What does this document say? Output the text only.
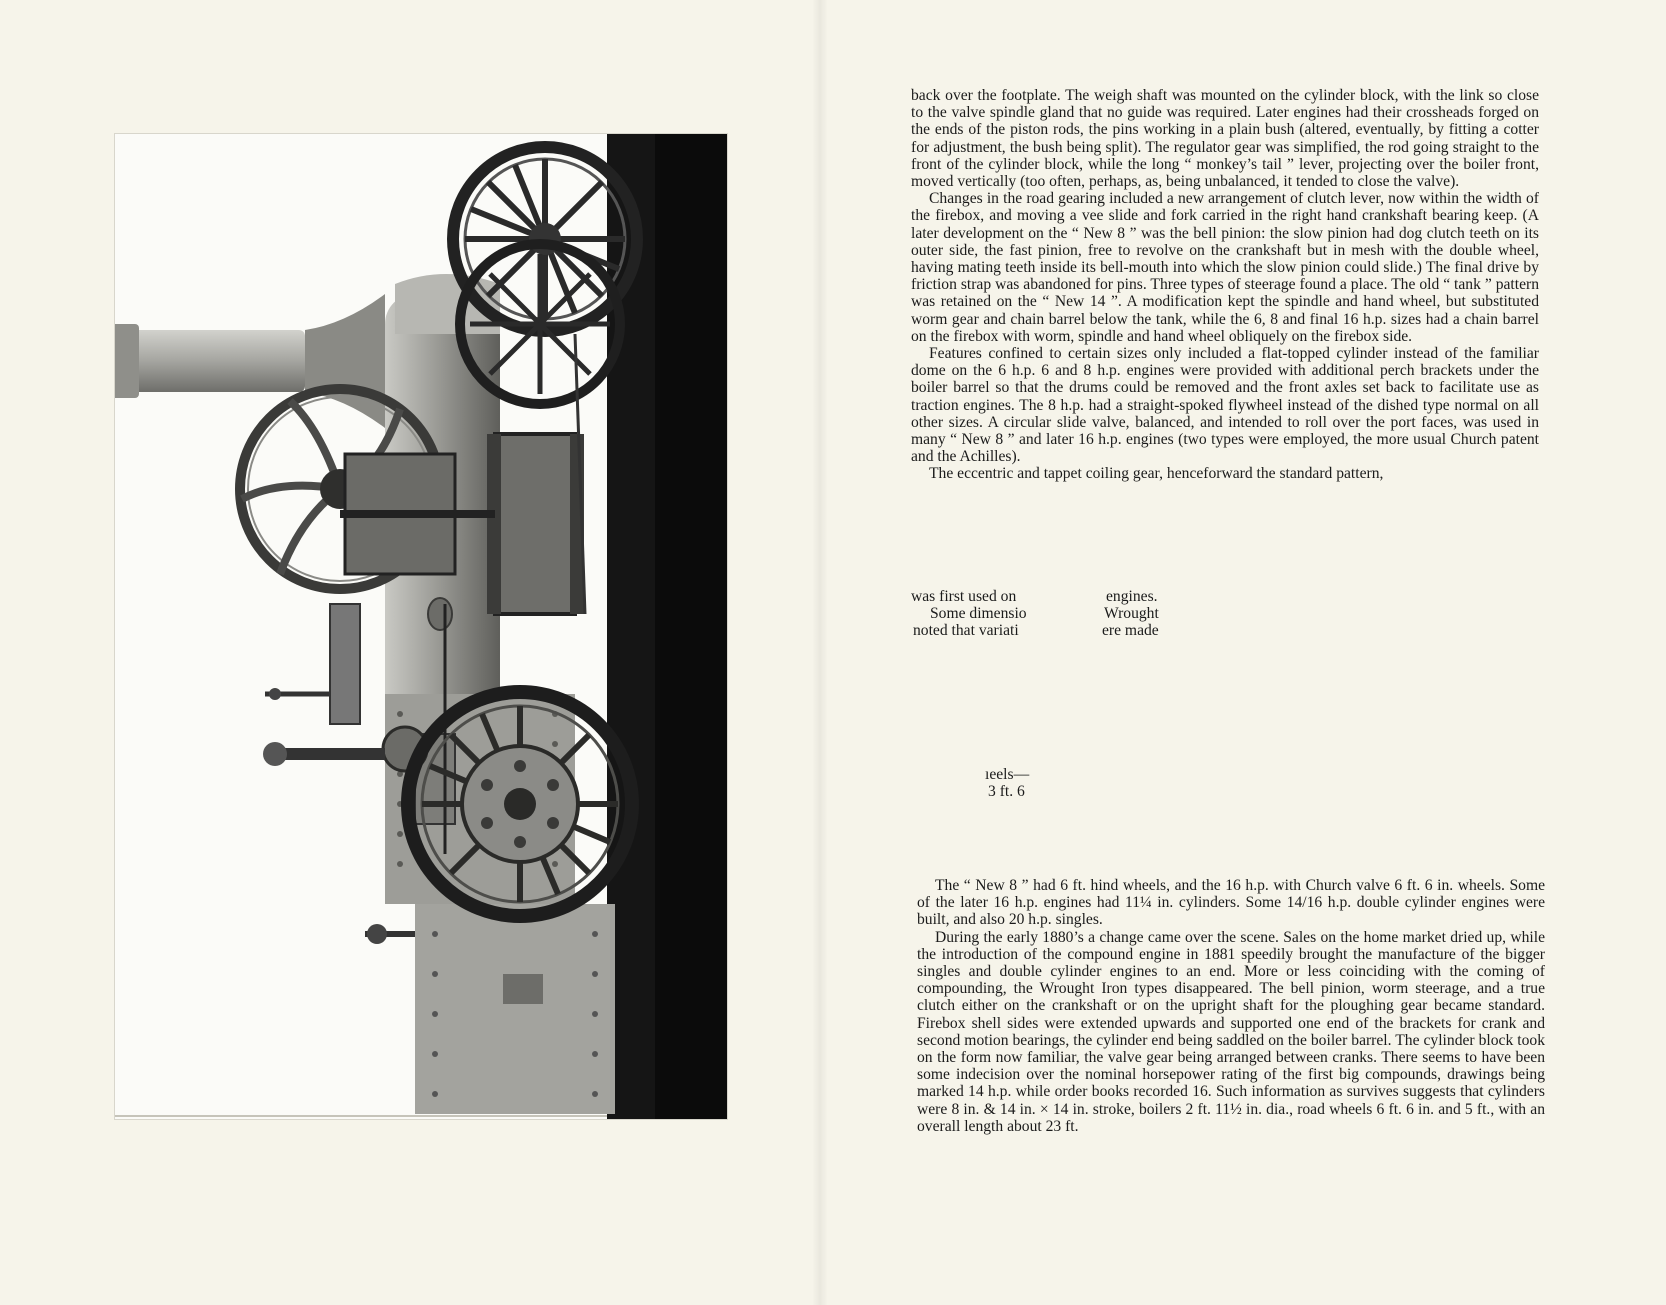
back over the footplate. The weigh shaft was mounted on the cylinder block, with the link so close to the valve spindle gland that no guide was required. Later engines had their crossheads forged on the ends of the piston rods, the pins working in a plain bush (altered, eventually, by fitting a cotter for adjustment, the bush being split). The regulator gear was simplified, the rod going straight to the front of the cylinder block, while the long “ monkey’s tail ” lever, projecting over the boiler front, moved vertically (too often, perhaps, as, being unbalanced, it tended to close the valve).

Changes in the road gearing included a new arrangement of clutch lever, now within the width of the firebox, and moving a vee slide and fork carried in the right hand crankshaft bearing keep. (A later development on the “ New 8 ” was the bell pinion: the slow pinion had dog clutch teeth on its outer side, the fast pinion, free to revolve on the crankshaft but in mesh with the double wheel, having mating teeth inside its bell-mouth into which the slow pinion could slide.) The final drive by friction strap was abandoned for pins. Three types of steerage found a place. The old “ tank ” pattern was retained on the “ New 14 ”. A modification kept the spindle and hand wheel, but substituted worm gear and chain barrel below the tank, while the 6, 8 and final 16 h.p. sizes had a chain barrel on the firebox with worm, spindle and hand wheel obliquely on the firebox side.

Features confined to certain sizes only included a flat-topped cylinder instead of the familiar dome on the 6 h.p. 6 and 8 h.p. engines were provided with additional perch brackets under the boiler barrel so that the drums could be removed and the front axles set back to facilitate use as traction engines. The 8 h.p. had a straight-spoked flywheel instead of the dished type normal on all other sizes. A circular slide valve, balanced, and intended to roll over the port faces, was used in many “ New 8 ” and later 16 h.p. engines (two types were employed, the more usual Church patent and the Achilles).

The eccentric and tappet coiling gear, henceforward the standard pattern,

was first used on	engines.
Some dimensio	Wrought
noted that variati	ere made
ıeels—
3 ft. 6

The “ New 8 ” had 6 ft. hind wheels, and the 16 h.p. with Church valve 6 ft. 6 in. wheels. Some of the later 16 h.p. engines had 11¼ in. cylinders. Some 14/16 h.p. double cylinder engines were built, and also 20 h.p. singles.

During the early 1880’s a change came over the scene. Sales on the home market dried up, while the introduction of the compound engine in 1881 speedily brought the manufacture of the bigger singles and double cylinder engines to an end. More or less coinciding with the coming of compounding, the Wrought Iron types disappeared. The bell pinion, worm steerage, and a true clutch either on the crankshaft or on the upright shaft for the ploughing gear became standard. Firebox shell sides were extended upwards and supported one end of the brackets for crank and second motion bearings, the cylinder end being saddled on the boiler barrel. The cylinder block took on the form now familiar, the valve gear being arranged between cranks. There seems to have been some indecision over the nominal horsepower rating of the first big compounds, drawings being marked 14 h.p. while order books recorded 16. Such information as survives suggests that cylinders were 8 in. & 14 in. × 14 in. stroke, boilers 2 ft. 11½ in. dia., road wheels 6 ft. 6 in. and 5 ft., with an overall length about 23 ft.
